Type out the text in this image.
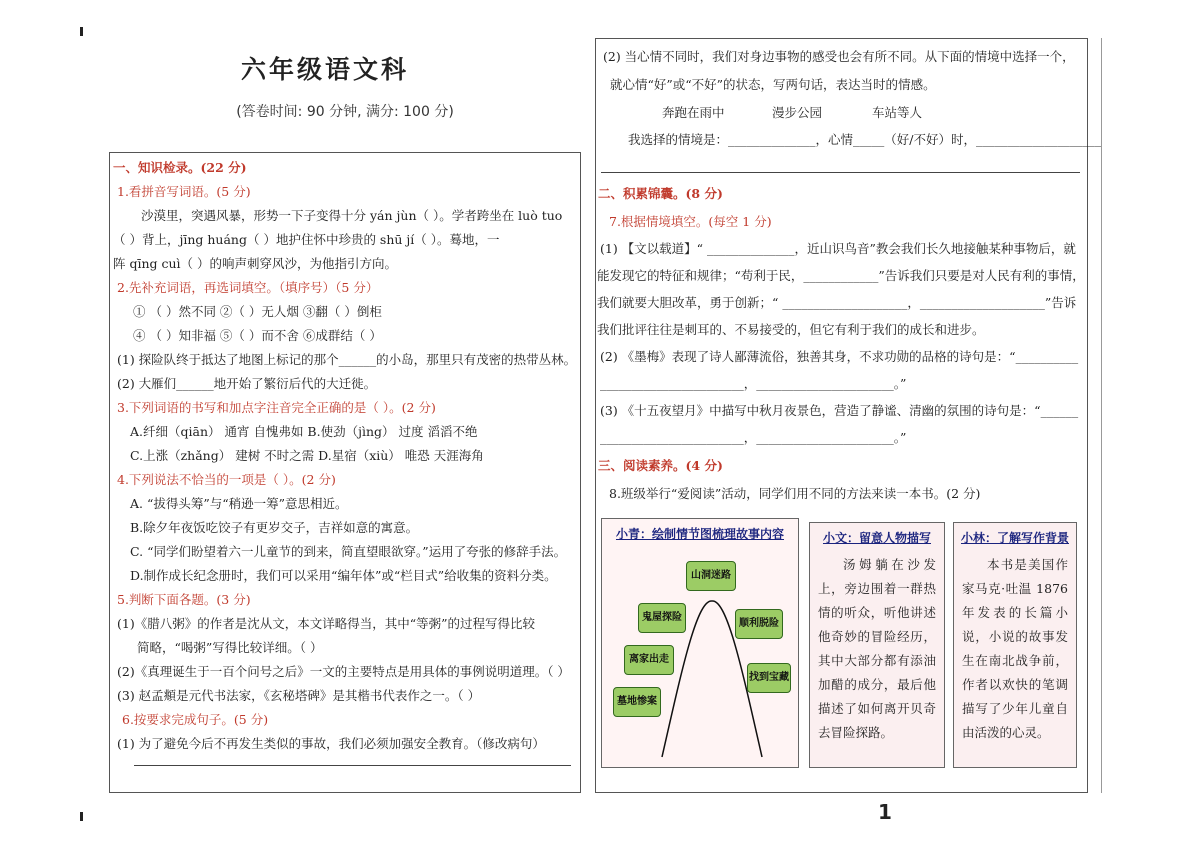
六年级语文科
(答卷时间: 90 分钟, 满分: 100 分)
一、知识检录。(22 分)
1.看拼音写词语。(5 分)
沙漠里，突遇风暴，形势一下子变得十分 yán jùn（ ）。学者跨坐在 luò tuo
（ ）背上，jīng huáng（ ）地护住怀中珍贵的 shū jí（ ）。蓦地，一
阵 qīng cuì（ ）的响声刺穿风沙，为他指引方向。
2.先补充词语，再选词填空。（填序号）（5 分）
① （ ）然不同 ②（ ）无人烟 ③翻（ ）倒柜
④ （ ）知非福 ⑤（ ）而不舍 ⑥成群结（ ）
(1) 探险队终于抵达了地图上标记的那个______的小岛，那里只有茂密的热带丛林。
(2) 大雁们______地开始了繁衍后代的大迁徙。
3.下列词语的书写和加点字注音完全正确的是（ ）。(2 分)
A.纤细（qiān） 通宵 自愧弗如 B.使劲（jìng） 过度 滔滔不绝
C.上涨（zhǎng） 建树 不时之需 D.星宿（xiù） 唯恐 天涯海角
4.下列说法不恰当的一项是（ ）。(2 分)
A. “拔得头筹”与“稍逊一筹”意思相近。
B.除夕年夜饭吃饺子有更岁交子，吉祥如意的寓意。
C. “同学们盼望着六一儿童节的到来，简直望眼欲穿。”运用了夸张的修辞手法。
D.制作成长纪念册时，我们可以采用“编年体”或“栏目式”给收集的资料分类。
5.判断下面各题。(3 分)
(1)《腊八粥》的作者是沈从文，本文详略得当，其中“等粥”的过程写得比较
简略，“喝粥”写得比较详细。（ ）
(2)《真理诞生于一百个问号之后》一文的主要特点是用具体的事例说明道理。（ ）
(3) 赵孟頫是元代书法家，《玄秘塔碑》是其楷书代表作之一。（ ）
6.按要求完成句子。(5 分)
(1) 为了避免今后不再发生类似的事故，我们必须加强安全教育。（修改病句）
(2) 当心情不同时，我们对身边事物的感受也会有所不同。从下面的情境中选择一个，
就心情“好”或“不好”的状态，写两句话，表达当时的情感。
奔跑在雨中	漫步公园	车站等人
我选择的情境是：______________，心情_____（好/不好）时，____________________
二、积累锦囊。(8 分)
7.根据情境填空。(每空 1 分)
(1) 【文以载道】“ ______________，近山识鸟音”教会我们长久地接触某种事物后，就
能发现它的特征和规律；“苟利于民，____________”告诉我们只要是对人民有利的事情，
我们就要大胆改革，勇于创新；“ ____________________，____________________”告诉
我们批评往往是刺耳的、不易接受的，但它有利于我们的成长和进步。
(2) 《墨梅》表现了诗人鄙薄流俗，独善其身，不求功勋的品格的诗句是：“__________
_______________________，______________________。”
(3) 《十五夜望月》中描写中秋月夜景色，营造了静谧、清幽的氛围的诗句是：“______
_______________________，______________________。”
三、阅读素养。(4 分)
8.班级举行“爱阅读”活动，同学们用不同的方法来读一本书。(2 分)
小青：绘制情节图梳理故事内容
山洞迷路
鬼屋探险
顺利脱险
离家出走
找到宝藏
墓地惨案
小文：留意人物描写
汤姆躺在沙发上，旁边围着一群热情的听众，听他讲述他奇妙的冒险经历，其中大部分都有添油加醋的成分，最后他描述了如何离开贝奇去冒险探路。
小林：了解写作背景
本书是美国作家马克·吐温 1876 年发表的长篇小说，小说的故事发生在南北战争前，作者以欢快的笔调描写了少年儿童自由活泼的心灵。
1
